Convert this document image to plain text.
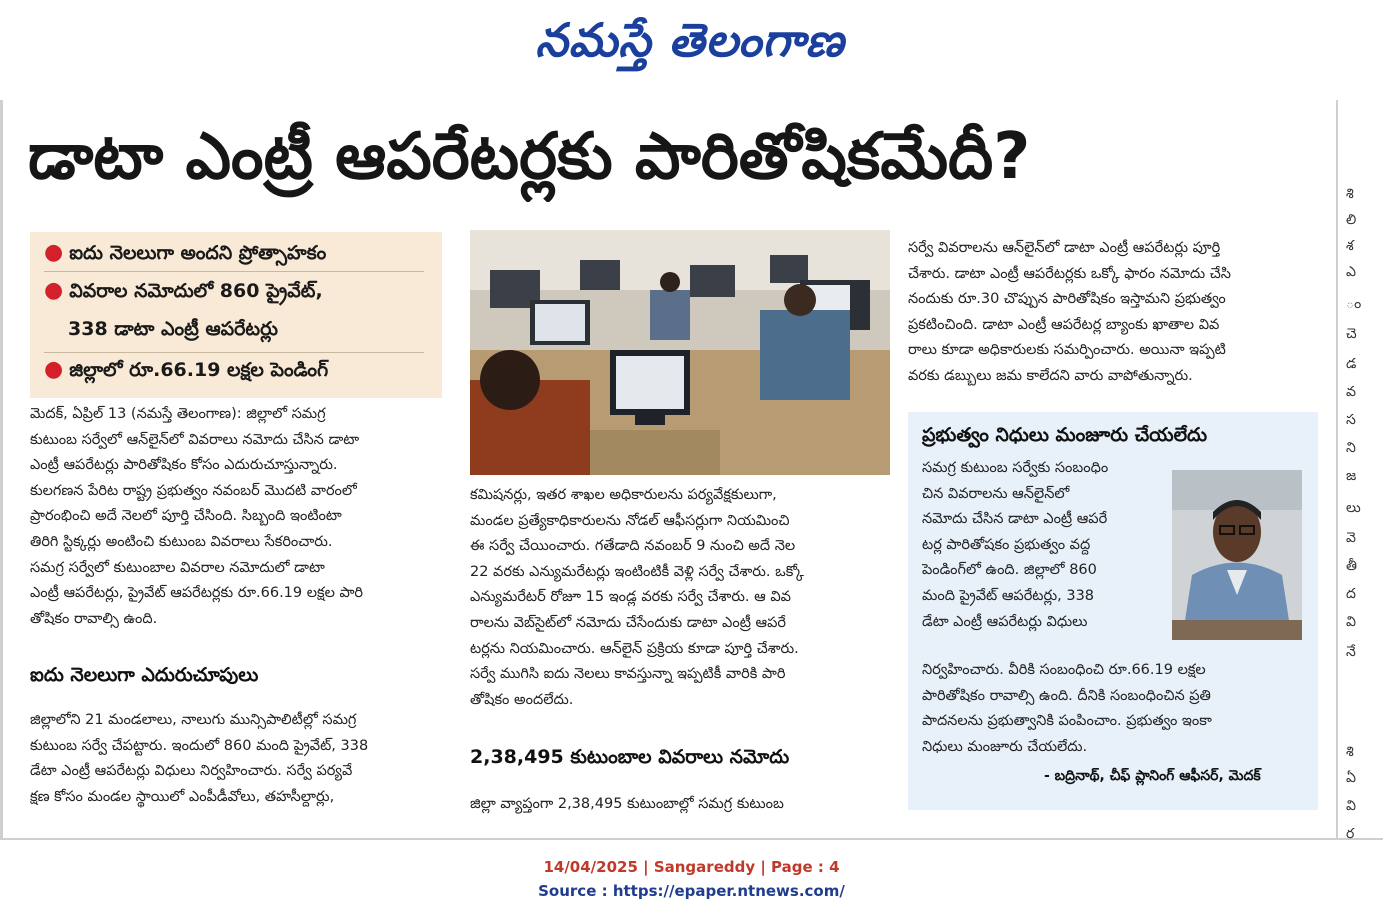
నమస్తే తెలంగాణ
డాటా ఎంట్రీ ఆపరేటర్లకు పారితోషికమేదీ?
● ఐదు నెలలుగా అందని ప్రోత్సాహకం
● వివరాల నమోదులో 860 ప్రైవేట్,
338 డాటా ఎంట్రీ ఆపరేటర్లు
● జిల్లాలో రూ.66.19 లక్షల పెండింగ్
మెదక్, ఏప్రిల్ 13 (నమస్తే తెలంగాణ): జిల్లాలో సమగ్ర
కుటుంబ సర్వేలో ఆన్‌లైన్‌లో వివరాలు నమోదు చేసిన డాటా
ఎంట్రీ ఆపరేటర్లు పారితోషికం కోసం ఎదురుచూస్తున్నారు.
కులగణన పేరిట రాష్ట్ర ప్రభుత్వం నవంబర్ మొదటి వారంలో
ప్రారంభించి అదే నెలలో పూర్తి చేసింది. సిబ్బంది ఇంటింటా
తిరిగి స్టిక్కర్లు అంటించి కుటుంబ వివరాలు సేకరించారు.
సమగ్ర సర్వేలో కుటుంబాల వివరాల నమోదులో డాటా
ఎంట్రీ ఆపరేటర్లు, ప్రైవేట్ ఆపరేటర్లకు రూ.66.19 లక్షల పారి
తోషికం రావాల్సి ఉంది.
ఐదు నెలలుగా ఎదురుచూపులు
జిల్లాలోని 21 మండలాలు, నాలుగు మున్సిపాలిటీల్లో సమగ్ర
కుటుంబ సర్వే చేపట్టారు. ఇందులో 860 మంది ప్రైవేట్, 338
డేటా ఎంట్రీ ఆపరేటర్లు విధులు నిర్వహించారు. సర్వే పర్యవే
క్షణ కోసం మండల స్థాయిలో ఎంపీడీవోలు, తహసీల్దార్లు,
కమిషనర్లు, ఇతర శాఖల అధికారులను పర్యవేక్షకులుగా,
మండల ప్రత్యేకాధికారులను నోడల్ ఆఫీసర్లుగా నియమించి
ఈ సర్వే చేయించారు. గతేడాది నవంబర్ 9 నుంచి అదే నెల
22 వరకు ఎన్యుమరేటర్లు ఇంటింటికీ వెళ్లి సర్వే చేశారు. ఒక్కో
ఎన్యుమరేటర్ రోజూ 15 ఇండ్ల వరకు సర్వే చేశారు. ఆ వివ
రాలను వెబ్‌సైట్‌లో నమోదు చేసేందుకు డాటా ఎంట్రీ ఆపరే
టర్లను నియమించారు. ఆన్‌లైన్ ప్రక్రియ కూడా పూర్తి చేశారు.
సర్వే ముగిసి ఐదు నెలలు కావస్తున్నా ఇప్పటికీ వారికి పారి
తోషికం అందలేదు.
2,38,495 కుటుంబాల వివరాలు నమోదు
జిల్లా వ్యాప్తంగా 2,38,495 కుటుంబాల్లో సమగ్ర కుటుంబ
సర్వే వివరాలను ఆన్‌లైన్‌లో డాటా ఎంట్రీ ఆపరేటర్లు పూర్తి
చేశారు. డాటా ఎంట్రీ ఆపరేటర్లకు ఒక్కో ఫారం నమోదు చేసి
నందుకు రూ.30 చొప్పున పారితోషికం ఇస్తామని ప్రభుత్వం
ప్రకటించింది. డాటా ఎంట్రీ ఆపరేటర్ల బ్యాంకు ఖాతాల వివ
రాలు కూడా అధికారులకు సమర్పించారు. అయినా ఇప్పటి
వరకు డబ్బులు జమ కాలేదని వారు వాపోతున్నారు.
ప్రభుత్వం నిధులు మంజూరు చేయలేదు
సమగ్ర కుటుంబ సర్వేకు సంబంధిం
చిన వివరాలను ఆన్‌లైన్‌లో
నమోదు చేసిన డాటా ఎంట్రీ ఆపరే
టర్ల పారితోషకం ప్రభుత్వం వద్ద
పెండింగ్‌లో ఉంది. జిల్లాలో 860
మంది ప్రైవేట్ ఆపరేటర్లు, 338
డేటా ఎంట్రీ ఆపరేటర్లు విధులు
నిర్వహించారు. వీరికి సంబంధించి రూ.66.19 లక్షల
పారితోషికం రావాల్సి ఉంది. దీనికి సంబంధించిన ప్రతి
పాదనలను ప్రభుత్వానికి పంపించాం. ప్రభుత్వం ఇంకా
నిధులు మంజూరు చేయలేదు.
- బద్రినాథ్, చీఫ్ ప్లానింగ్ ఆఫీసర్, మెదక్
శి
లి
శ
ఎ
ం
చె
డ
వ
స
ని
జ
లు
వె
తీ
ద
వి
నే
శి
ఏ
వి
ర
14/04/2025 | Sangareddy | Page : 4
Source : https://epaper.ntnews.com/
